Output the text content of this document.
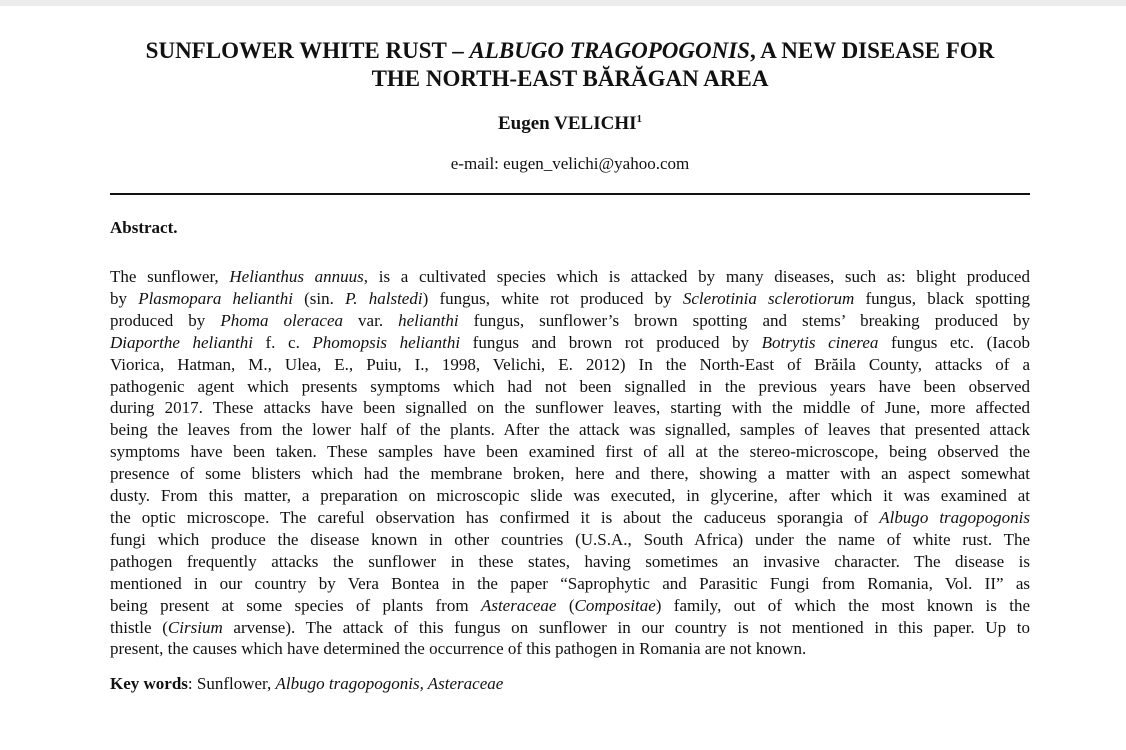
SUNFLOWER WHITE RUST – ALBUGO TRAGOPOGONIS, A NEW DISEASE FOR
THE NORTH-EAST BĂRĂGAN AREA
Eugen VELICHI$^1$
e-mail: eugen_velichi@yahoo.com
Abstract.
The sunflower, Helianthus annuus, is a cultivated species which is attacked by many diseases, such as: blight produced
by Plasmopara helianthi (sin. P. halstedi) fungus, white rot produced by Sclerotinia sclerotiorum fungus, black spotting
produced by Phoma oleracea var. helianthi fungus, sunflower’s brown spotting and stems’ breaking produced by
Diaporthe helianthi f. c. Phomopsis helianthi fungus and brown rot produced by Botrytis cinerea fungus etc. (Iacob
Viorica, Hatman, M., Ulea, E., Puiu, I., 1998, Velichi, E. 2012) In the North-East of Brăila County, attacks of a
pathogenic agent which presents symptoms which had not been signalled in the previous years have been observed
during 2017. These attacks have been signalled on the sunflower leaves, starting with the middle of June, more affected
being the leaves from the lower half of the plants. After the attack was signalled, samples of leaves that presented attack
symptoms have been taken. These samples have been examined first of all at the stereo-microscope, being observed the
presence of some blisters which had the membrane broken, here and there, showing a matter with an aspect somewhat
dusty. From this matter, a preparation on microscopic slide was executed, in glycerine, after which it was examined at
the optic microscope. The careful observation has confirmed it is about the caduceus sporangia of Albugo tragopogonis
fungi which produce the disease known in other countries (U.S.A., South Africa) under the name of white rust. The
pathogen frequently attacks the sunflower in these states, having sometimes an invasive character. The disease is
mentioned in our country by Vera Bontea in the paper “Saprophytic and Parasitic Fungi from Romania, Vol. II” as
being present at some species of plants from Asteraceae (Compositae) family, out of which the most known is the
thistle (Cirsium arvense). The attack of this fungus on sunflower in our country is not mentioned in this paper. Up to
present, the causes which have determined the occurrence of this pathogen in Romania are not known.
Key words: Sunflower, Albugo tragopogonis, Asteraceae
